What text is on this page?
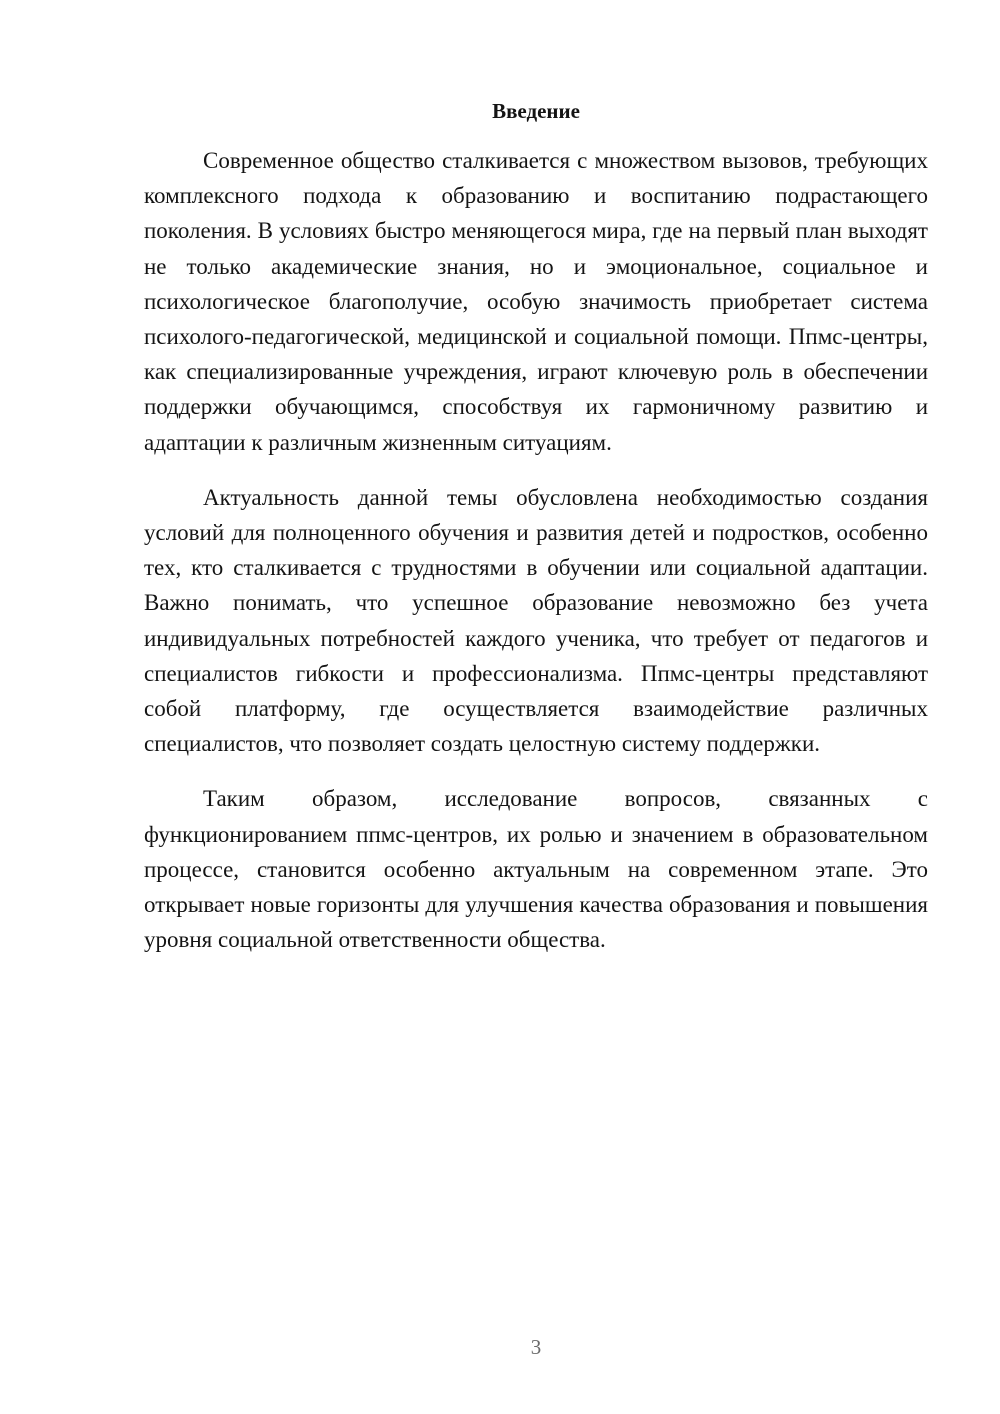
Введение

Современное общество сталкивается с множеством вызовов, требующих комплексного подхода к образованию и воспитанию подрастающего поколения. В условиях быстро меняющегося мира, где на первый план выходят не только академические знания, но и эмоциональное, социальное и психологическое благополучие, особую значимость приобретает система психолого-педагогической, медицинской и социальной помощи. Ппмс-центры, как специализированные учреждения, играют ключевую роль в обеспечении поддержки обучающимся, способствуя их гармоничному развитию и адаптации к различным жизненным ситуациям.

Актуальность данной темы обусловлена необходимостью создания условий для полноценного обучения и развития детей и подростков, особенно тех, кто сталкивается с трудностями в обучении или социальной адаптации. Важно понимать, что успешное образование невозможно без учета индивидуальных потребностей каждого ученика, что требует от педагогов и специалистов гибкости и профессионализма. Ппмс-центры представляют собой платформу, где осуществляется взаимодействие различных специалистов, что позволяет создать целостную систему поддержки.

Таким образом, исследование вопросов, связанных с функционированием ппмс-центров, их ролью и значением в образовательном процессе, становится особенно актуальным на современном этапе. Это открывает новые горизонты для улучшения качества образования и повышения уровня социальной ответственности общества.

3
